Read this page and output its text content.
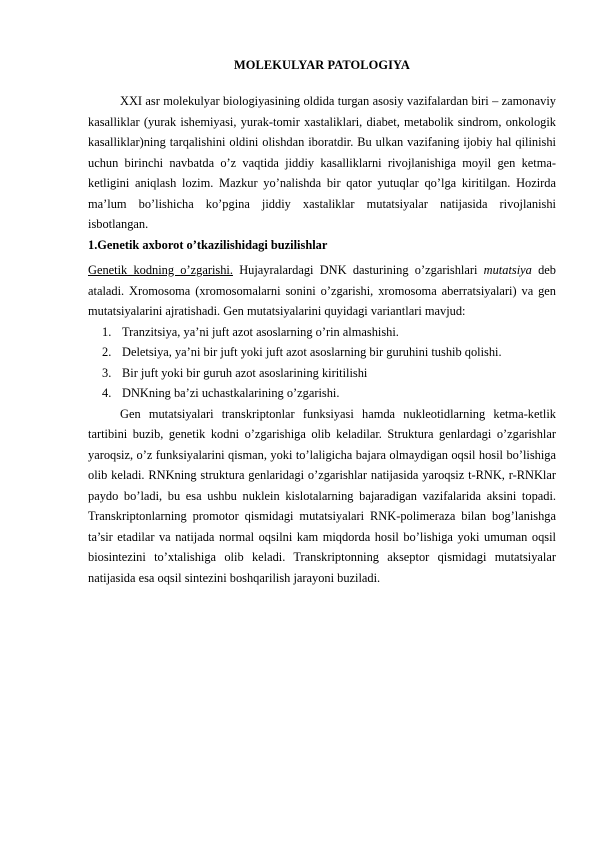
MOLEKULYAR PATOLOGIYA

XXI asr molekulyar biologiyasining oldida turgan asosiy vazifalardan biri – zamonaviy kasalliklar (yurak ishemiyasi, yurak-tomir xastaliklari, diabet, metabolik sindrom, onkologik kasalliklar)ning tarqalishini oldini olishdan iboratdir. Bu ulkan vazifaning ijobiy hal qilinishi uchun birinchi navbatda o’z vaqtida jiddiy kasalliklarni rivojlanishiga moyil gen ketma-ketligini aniqlash lozim. Mazkur yo’nalishda bir qator yutuqlar qo’lga kiritilgan. Hozirda ma’lum bo’lishicha ko’pgina jiddiy xastaliklar mutatsiyalar natijasida rivojlanishi isbotlangan.

1.Genetik axborot o’tkazilishidagi buzilishlar

Genetik kodning o’zgarishi. Hujayralardagi DNK dasturining o’zgarishlari mutatsiya deb ataladi. Xromosoma (xromosomalarni sonini o’zgarishi, xromosoma aberratsiyalari) va gen mutatsiyalarini ajratishadi. Gen mutatsiyalarini quyidagi variantlari mavjud:

1. Tranzitsiya, ya’ni juft azot asoslarning o’rin almashishi.
2. Deletsiya, ya’ni bir juft yoki juft azot asoslarning bir guruhini tushib qolishi.
3. Bir juft yoki bir guruh azot asoslarining kiritilishi
4. DNKning ba’zi uchastkalarining o’zgarishi.

Gen mutatsiyalari transkriptonlar funksiyasi hamda nukleotidlarning ketma-ketlik tartibini buzib, genetik kodni o’zgarishiga olib keladilar. Struktura genlardagi o’zgarishlar yaroqsiz, o’z funksiyalarini qisman, yoki to’laligicha bajara olmaydigan oqsil hosil bo’lishiga olib keladi. RNKning struktura genlaridagi o’zgarishlar natijasida yaroqsiz t-RNK, r-RNKlar paydo bo’ladi, bu esa ushbu nuklein kislotalarning bajaradigan vazifalarida aksini topadi. Transkriptonlarning promotor qismidagi mutatsiyalari RNK-polimeraza bilan bog’lanishga ta’sir etadilar va natijada normal oqsilni kam miqdorda hosil bo’lishiga yoki umuman oqsil biosintezini to’xtalishiga olib keladi. Transkriptonning akseptor qismidagi mutatsiyalar natijasida esa oqsil sintezini boshqarilish jarayoni buziladi.
